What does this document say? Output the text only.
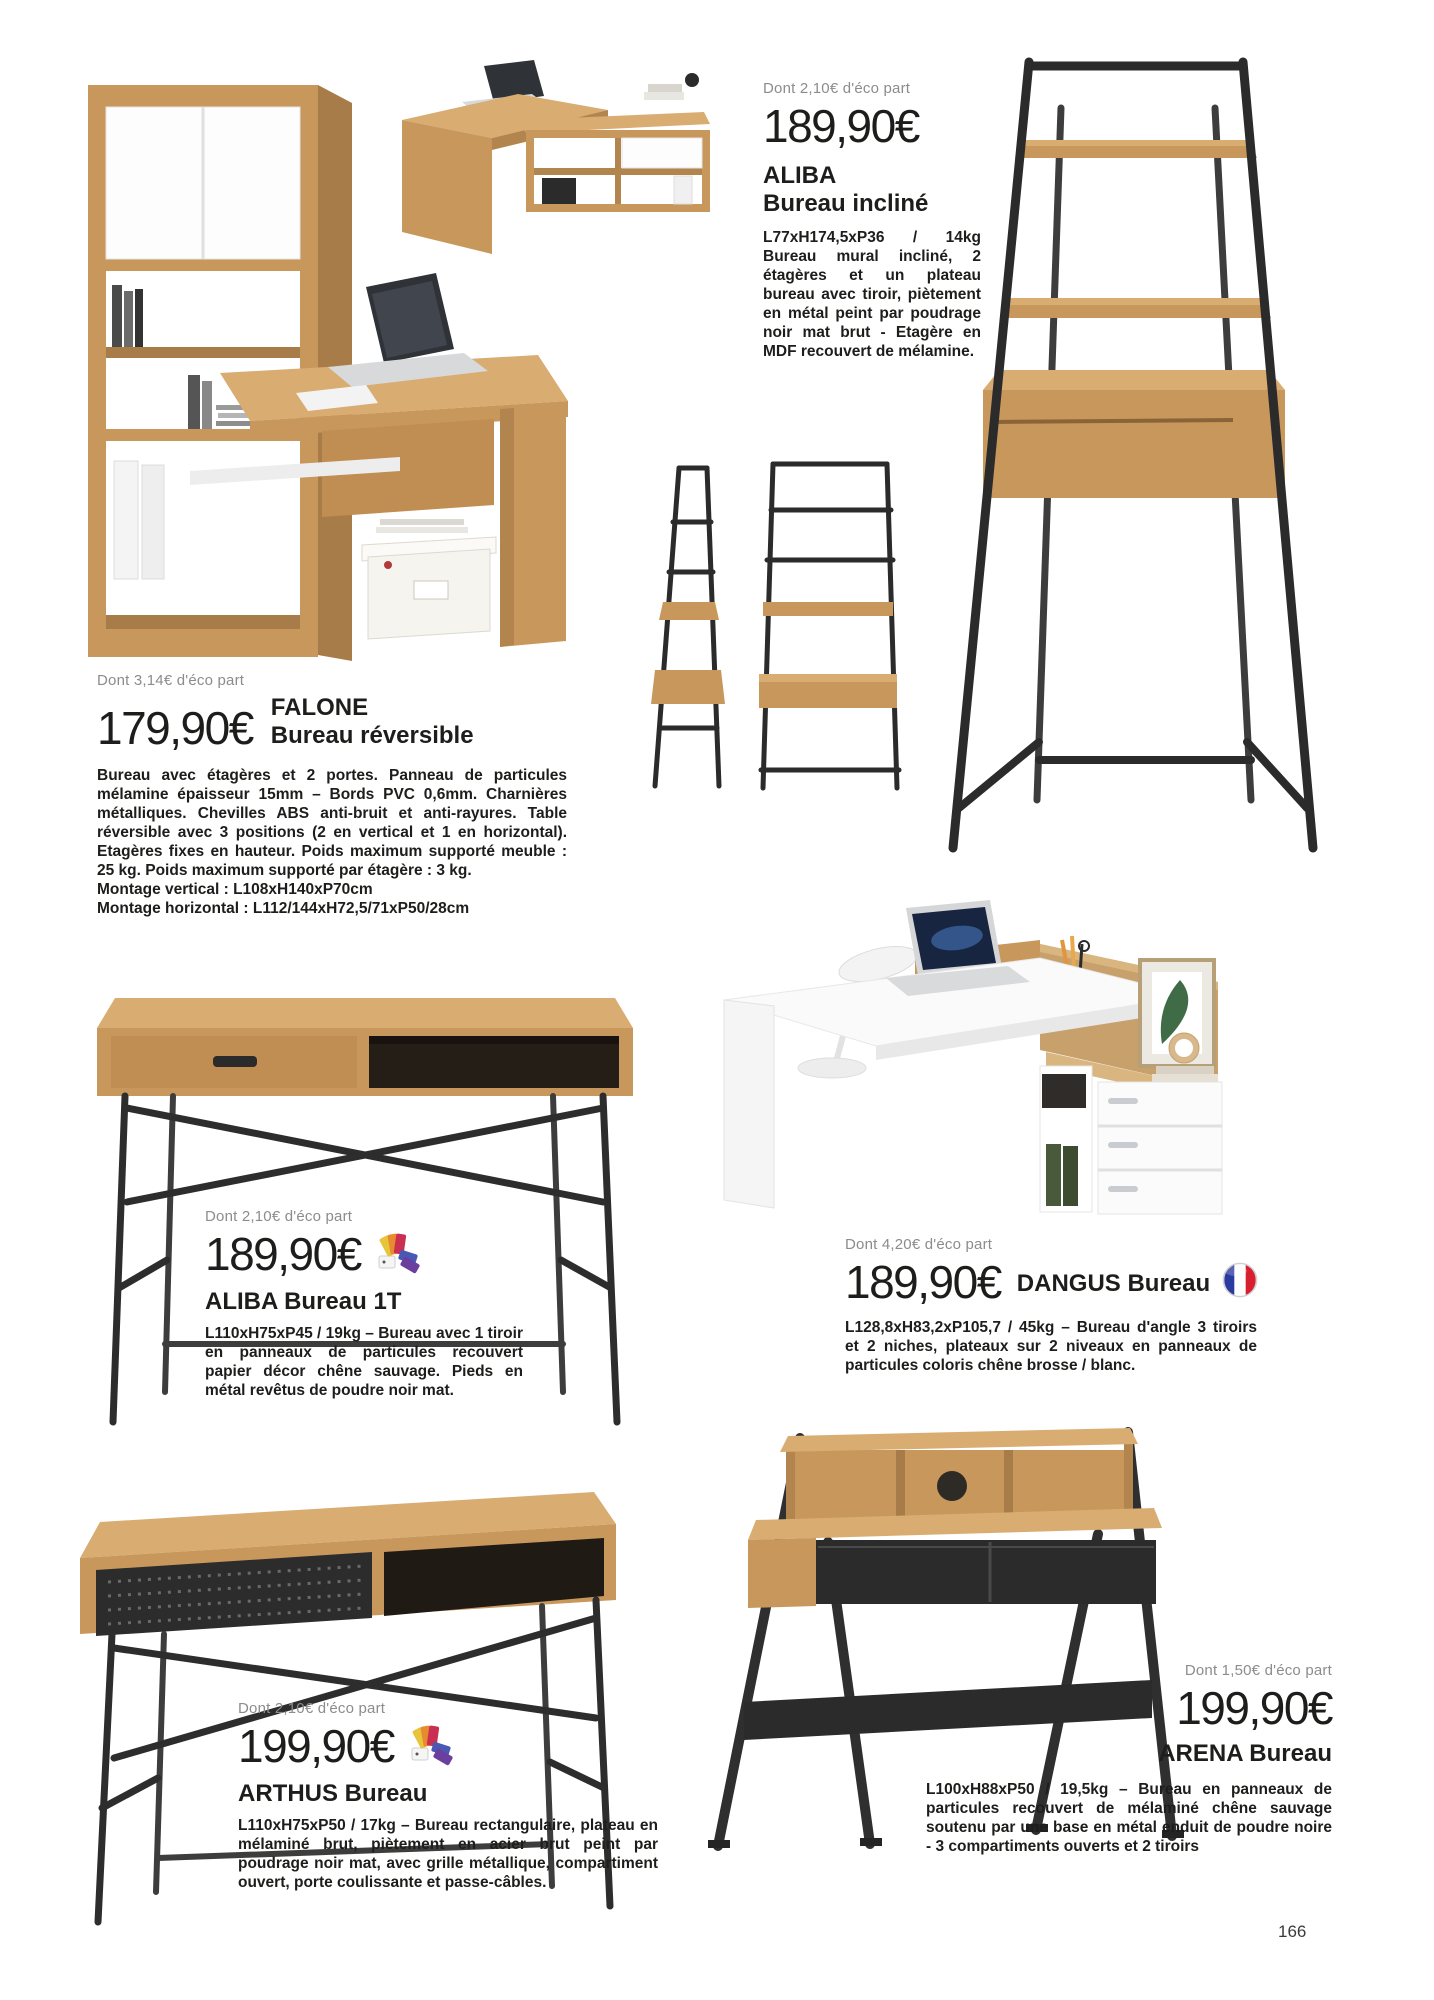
Dont 2,10€ d'éco part
189,90€
ALIBA
Bureau incliné
L77xH174,5xP36 / 14kg Bureau mural incliné, 2 étagères et un plateau bureau avec tiroir, piètement en métal peint par poudrage noir mat brut - Etagère en MDF recouvert de mélamine.
Dont 3,14€ d'éco part
179,90€ FALONE
Bureau réversible
Bureau avec étagères et 2 portes. Panneau de particules mélamine épaisseur 15mm – Bords PVC 0,6mm. Charnières métalliques. Chevilles ABS anti-bruit et anti-rayures. Table réversible avec 3 positions (2 en vertical et 1 en horizontal). Etagères fixes en hauteur. Poids maximum supporté meuble : 25 kg. Poids maximum supporté par étagère : 3 kg.
Montage vertical : L108xH140xP70cm
Montage horizontal : L112/144xH72,5/71xP50/28cm
Dont 2,10€ d'éco part
189,90€
ALIBA Bureau 1T
L110xH75xP45 / 19kg – Bureau avec 1 tiroir en panneaux de particules recouvert papier décor chêne sauvage. Pieds en métal revêtus de poudre noir mat.
Dont 4,20€ d'éco part
189,90€ DANGUS Bureau
L128,8xH83,2xP105,7 / 45kg – Bureau d'angle 3 tiroirs et 2 niches, plateaux sur 2 niveaux en panneaux de particules coloris chêne brosse / blanc.
Dont 2,10€ d'éco part
199,90€
ARTHUS Bureau
L110xH75xP50 / 17kg – Bureau rectangulaire, plateau en mélaminé brut, piètement en acier brut peint par poudrage noir mat, avec grille métallique, compartiment ouvert, porte coulissante et passe-câbles.
Dont 1,50€ d'éco part
199,90€
ARENA Bureau
L100xH88xP50 / 19,5kg – Bureau en panneaux de particules recouvert de mélaminé chêne sauvage soutenu par une base en métal enduit de poudre noire - 3 compartiments ouverts et 2 tiroirs
166
